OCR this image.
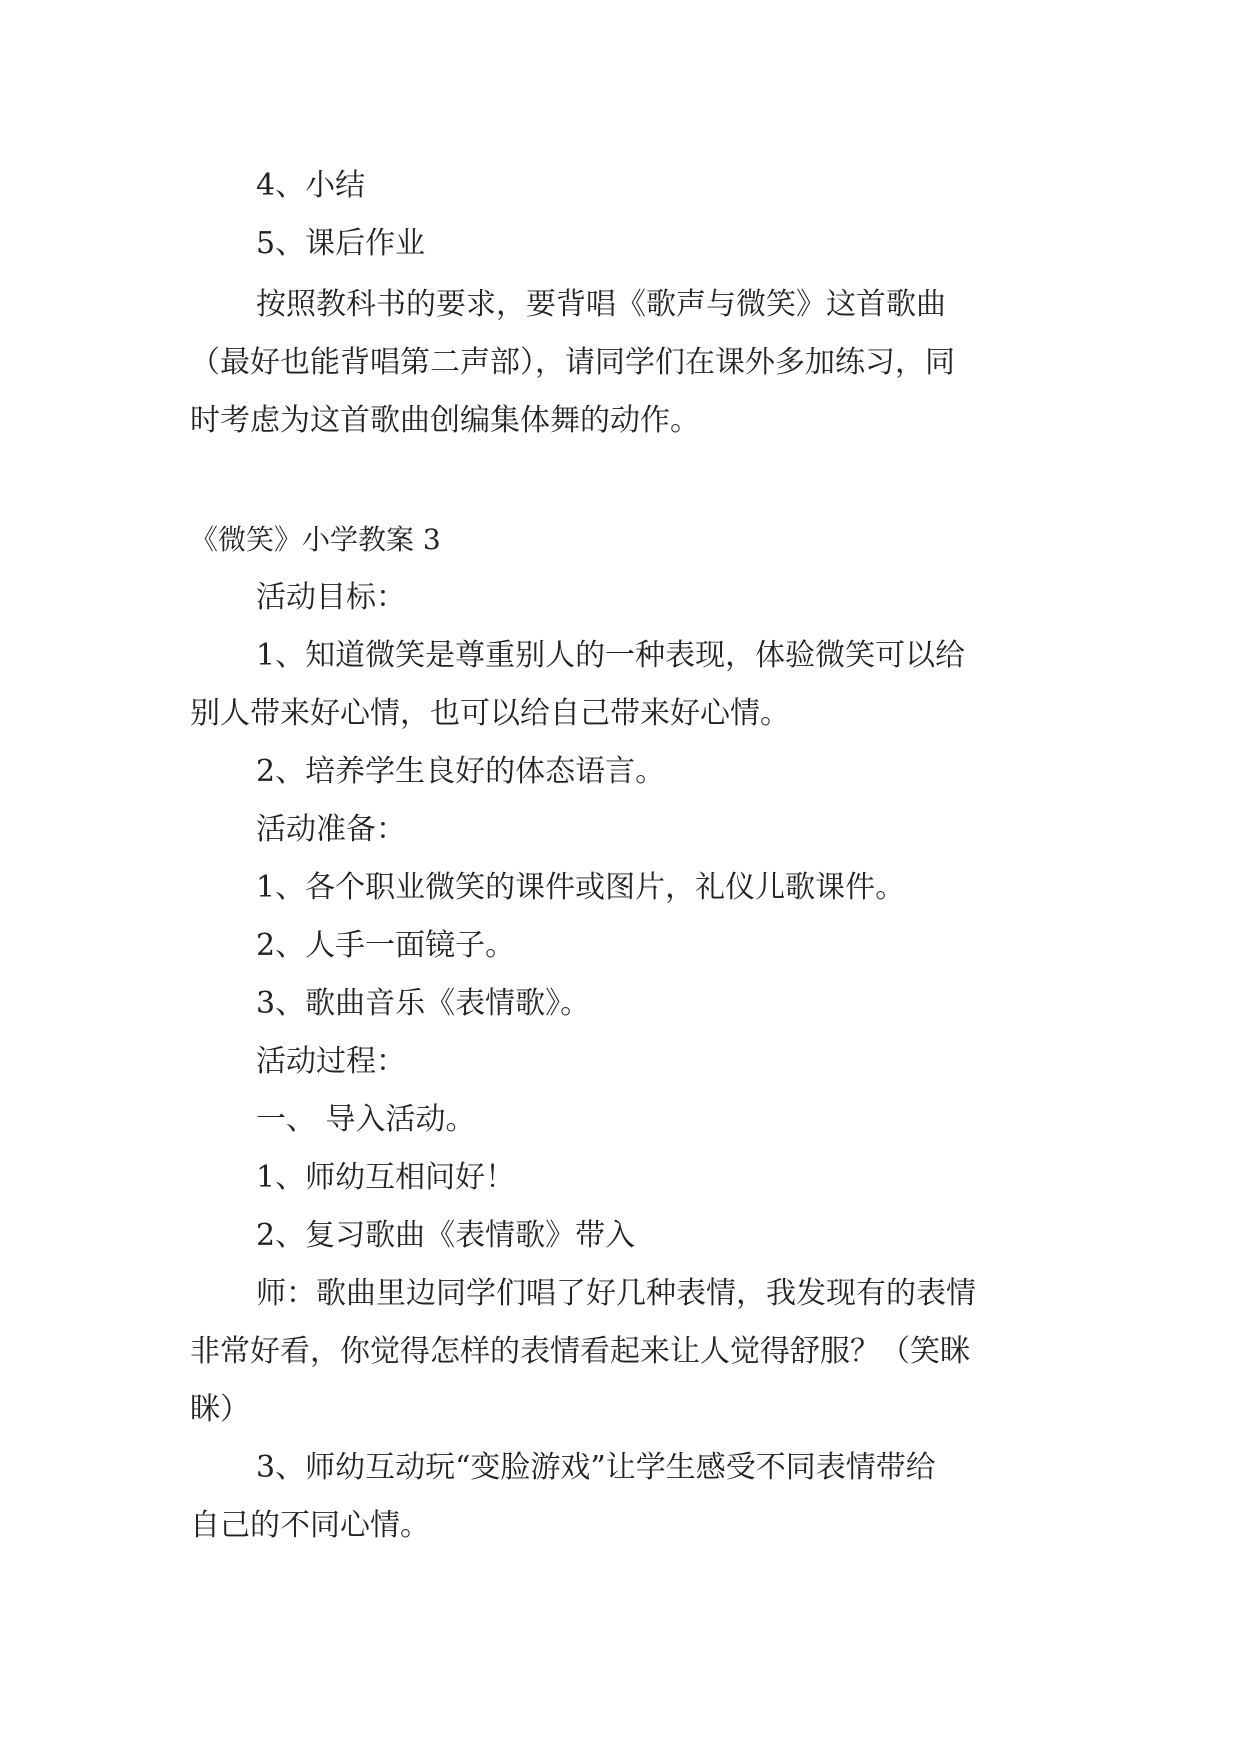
4、小结
5、课后作业
按照教科书的要求，要背唱《歌声与微笑》这首歌曲
（最好也能背唱第二声部），请同学们在课外多加练习，同
时考虑为这首歌曲创编集体舞的动作。
《微笑》小学教案 3
活动目标：
1、知道微笑是尊重别人的一种表现，体验微笑可以给
别人带来好心情，也可以给自己带来好心情。
2、培养学生良好的体态语言。
活动准备：
1、各个职业微笑的课件或图片，礼仪儿歌课件。
2、人手一面镜子。
3、歌曲音乐《表情歌》。
活动过程：
一、 导入活动。
1、师幼互相问好！
2、复习歌曲《表情歌》带入
师：歌曲里边同学们唱了好几种表情，我发现有的表情
非常好看，你觉得怎样的表情看起来让人觉得舒服？（笑眯
眯）
3、师幼互动玩“变脸游戏”让学生感受不同表情带给
自己的不同心情。
